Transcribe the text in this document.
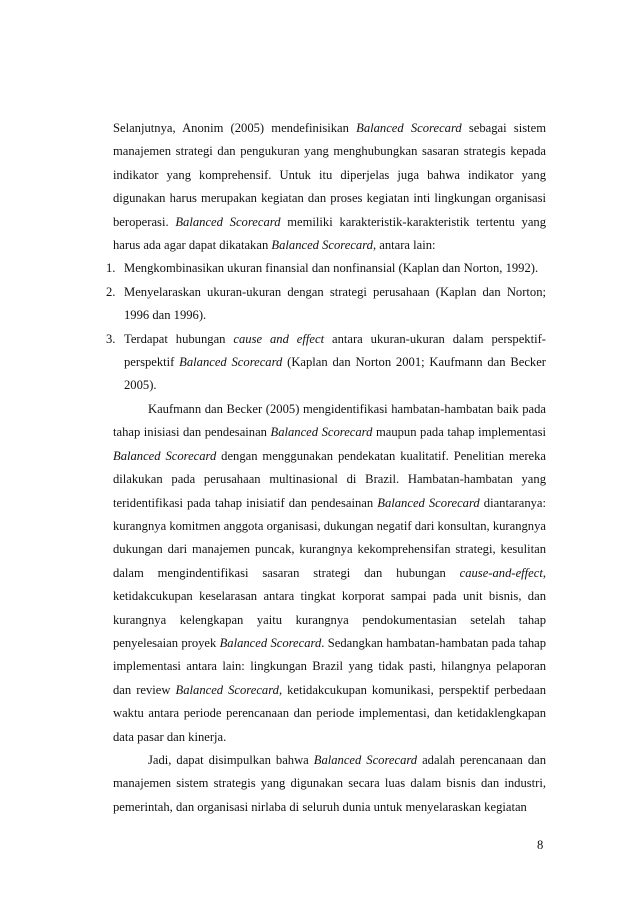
Selanjutnya, Anonim (2005) mendefinisikan Balanced Scorecard sebagai sistem manajemen strategi dan pengukuran yang menghubungkan sasaran strategis kepada indikator yang komprehensif. Untuk itu diperjelas juga bahwa indikator yang digunakan harus merupakan kegiatan dan proses kegiatan inti lingkungan organisasi beroperasi. Balanced Scorecard memiliki karakteristik-karakteristik tertentu yang harus ada agar dapat dikatakan Balanced Scorecard, antara lain:

1. Mengkombinasikan ukuran finansial dan nonfinansial (Kaplan dan Norton, 1992).
2. Menyelaraskan ukuran-ukuran dengan strategi perusahaan (Kaplan dan Norton; 1996 dan 1996).
3. Terdapat hubungan cause and effect antara ukuran-ukuran dalam perspektif-perspektif Balanced Scorecard (Kaplan dan Norton 2001; Kaufmann dan Becker 2005).

Kaufmann dan Becker (2005) mengidentifikasi hambatan-hambatan baik pada tahap inisiasi dan pendesainan Balanced Scorecard maupun pada tahap implementasi Balanced Scorecard dengan menggunakan pendekatan kualitatif. Penelitian mereka dilakukan pada perusahaan multinasional di Brazil. Hambatan-hambatan yang teridentifikasi pada tahap inisiatif dan pendesainan Balanced Scorecard diantaranya: kurangnya komitmen anggota organisasi, dukungan negatif dari konsultan, kurangnya dukungan dari manajemen puncak, kurangnya kekomprehensifan strategi, kesulitan dalam mengindentifikasi sasaran strategi dan hubungan cause-and-effect, ketidakcukupan keselarasan antara tingkat korporat sampai pada unit bisnis, dan kurangnya kelengkapan yaitu kurangnya pendokumentasian setelah tahap penyelesaian proyek Balanced Scorecard. Sedangkan hambatan-hambatan pada tahap implementasi antara lain: lingkungan Brazil yang tidak pasti, hilangnya pelaporan dan review Balanced Scorecard, ketidakcukupan komunikasi, perspektif perbedaan waktu antara periode perencanaan dan periode implementasi, dan ketidaklengkapan data pasar dan kinerja.

Jadi, dapat disimpulkan bahwa Balanced Scorecard adalah perencanaan dan manajemen sistem strategis yang digunakan secara luas dalam bisnis dan industri, pemerintah, dan organisasi nirlaba di seluruh dunia untuk menyelaraskan kegiatan

8
